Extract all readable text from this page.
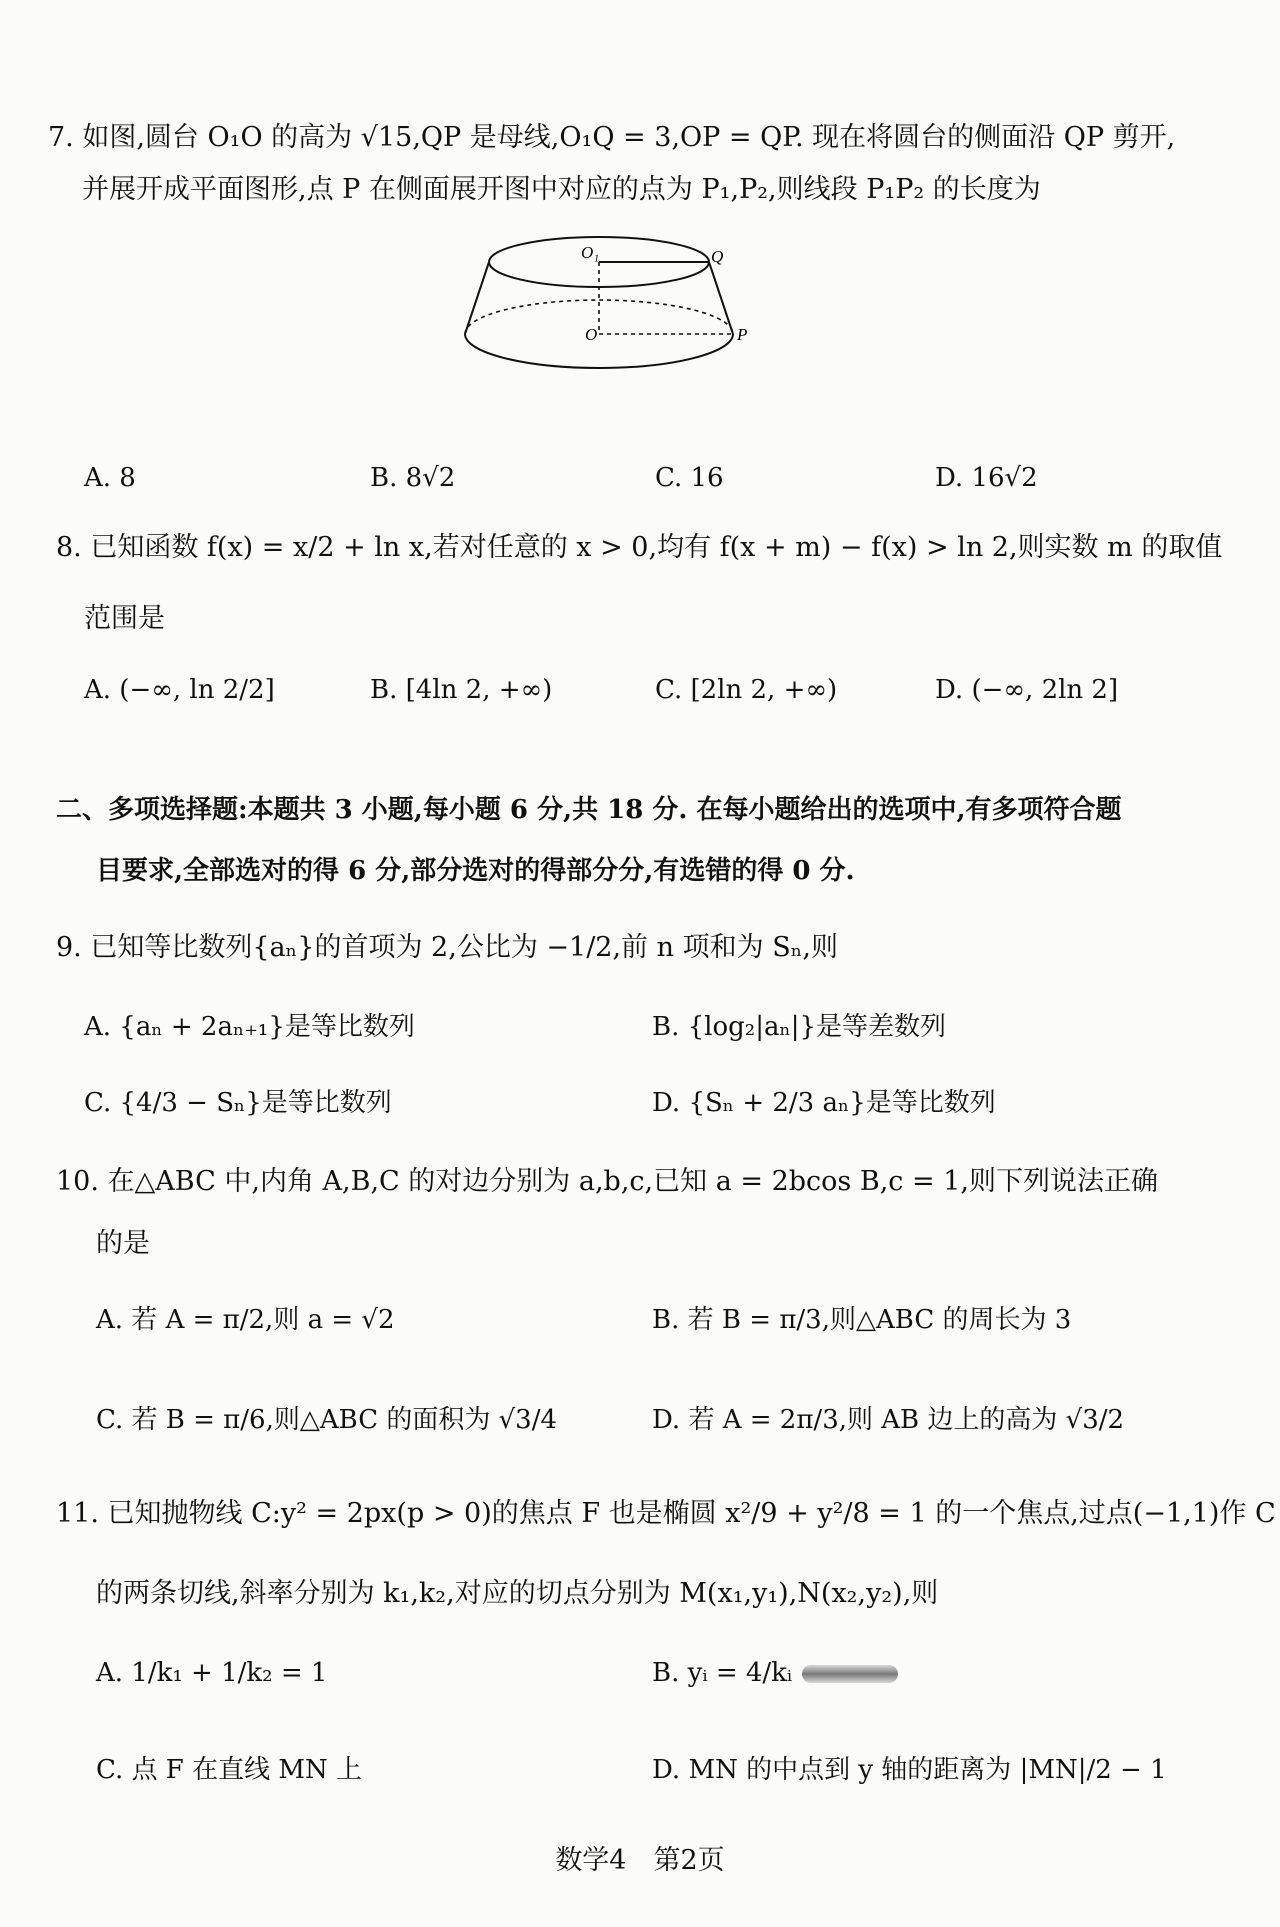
7. 如图,圆台 O₁O 的高为 √15,QP 是母线,O₁Q = 3,OP = QP. 现在将圆台的侧面沿 QP 剪开,
并展开成平面图形,点 P 在侧面展开图中对应的点为 P₁,P₂,则线段 P₁P₂ 的长度为
O₁	Q
O	P
A. 8	B. 8√2	C. 16	D. 16√2
8. 已知函数 f(x) = x/2 + ln x,若对任意的 x > 0,均有 f(x + m) − f(x) > ln 2,则实数 m 的取值
范围是
A. (−∞, ln 2/2]	B. [4ln 2, +∞)	C. [2ln 2, +∞)	D. (−∞, 2ln 2]
二、多项选择题:本题共 3 小题,每小题 6 分,共 18 分. 在每小题给出的选项中,有多项符合题
目要求,全部选对的得 6 分,部分选对的得部分分,有选错的得 0 分.
9. 已知等比数列{aₙ}的首项为 2,公比为 −1/2,前 n 项和为 Sₙ,则
A. {aₙ + 2aₙ₊₁}是等比数列	B. {log₂|aₙ|}是等差数列
C. {4/3 − Sₙ}是等比数列	D. {Sₙ + 2/3 aₙ}是等比数列
10. 在△ABC 中,内角 A,B,C 的对边分别为 a,b,c,已知 a = 2bcos B,c = 1,则下列说法正确
的是
A. 若 A = π/2,则 a = √2	B. 若 B = π/3,则△ABC 的周长为 3
C. 若 B = π/6,则△ABC 的面积为 √3/4	D. 若 A = 2π/3,则 AB 边上的高为 √3/2
11. 已知抛物线 C:y² = 2px(p > 0)的焦点 F 也是椭圆 x²/9 + y²/8 = 1 的一个焦点,过点(−1,1)作 C
的两条切线,斜率分别为 k₁,k₂,对应的切点分别为 M(x₁,y₁),N(x₂,y₂),则
A. 1/k₁ + 1/k₂ = 1	B. yᵢ = 4/kᵢ
C. 点 F 在直线 MN 上	D. MN 的中点到 y 轴的距离为 |MN|/2 − 1
数学4　第2页
